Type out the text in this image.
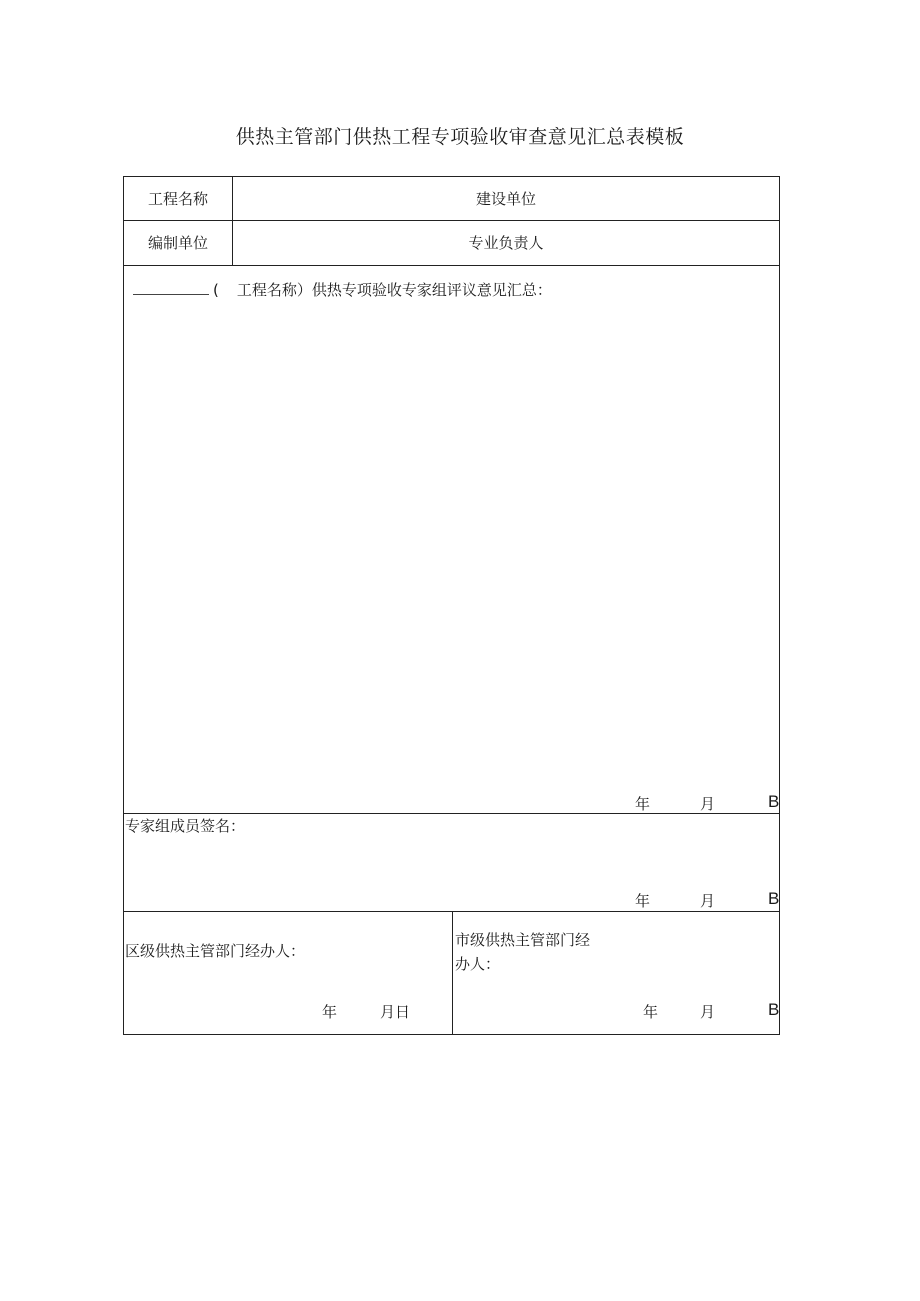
供热主管部门供热工程专项验收审查意见汇总表模板
工程名称	建设单位
编制单位	专业负责人
( 工程名称）供热专项验收专家组评议意见汇总：
年	月	B
专家组成员签名：
年	月	B
区级供热主管部门经办人：
年	月日
市级供热主管部门经
办人：
年	月	B
